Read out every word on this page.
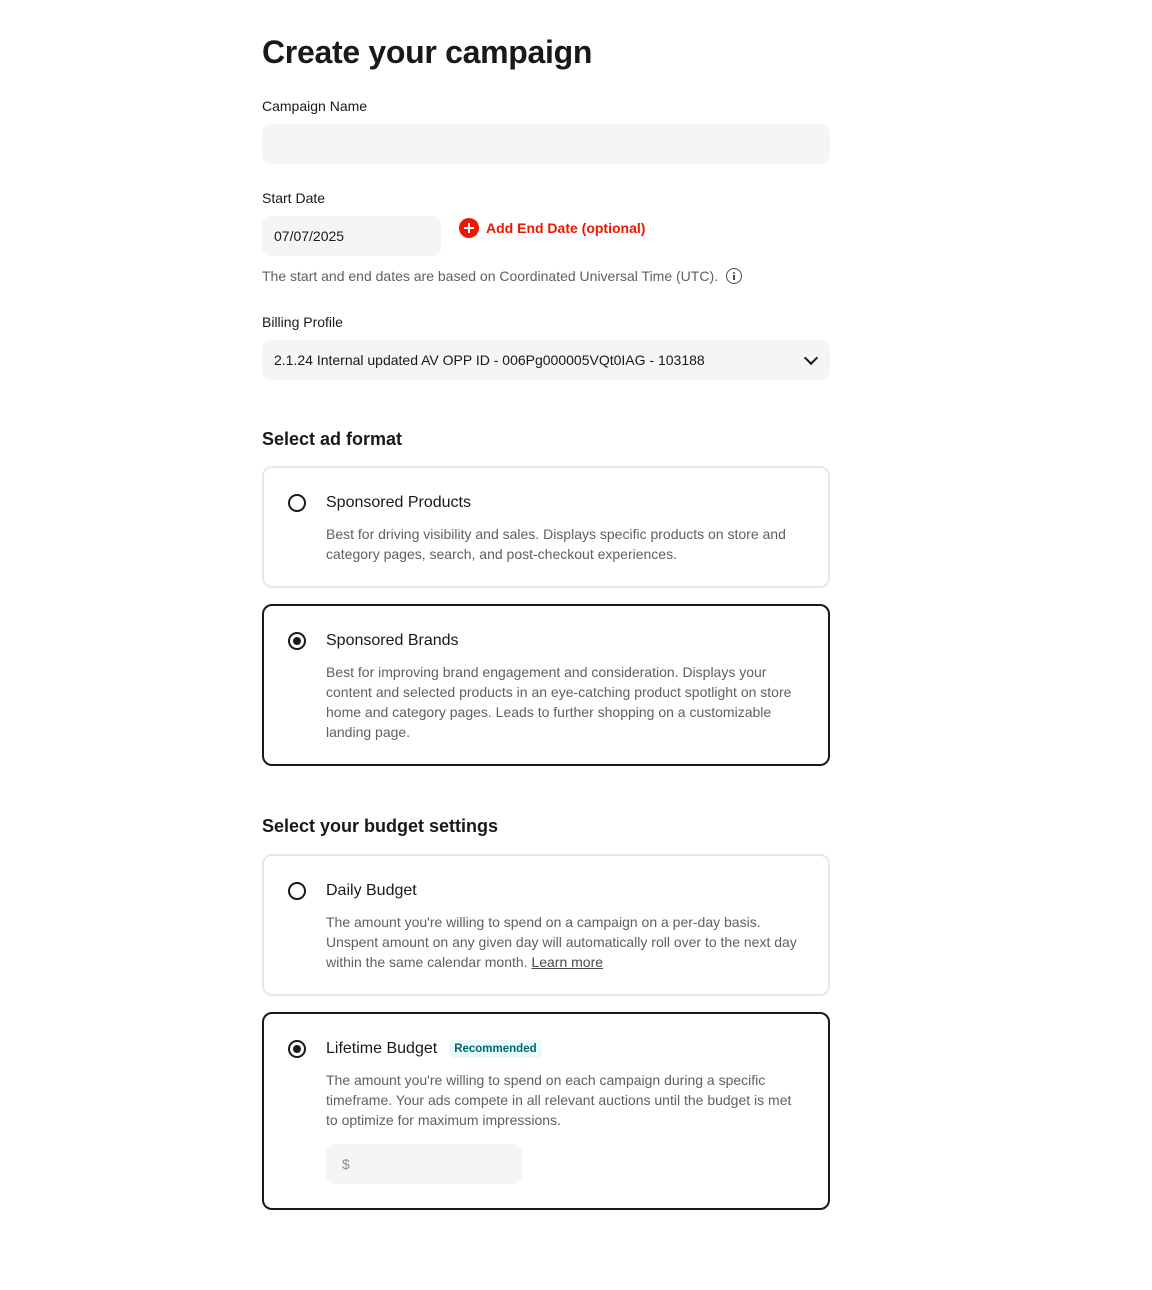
Create your campaign
Campaign Name
Start Date
07/07/2025	Add End Date (optional)
The start and end dates are based on Coordinated Universal Time (UTC).
Billing Profile
2.1.24 Internal updated AV OPP ID - 006Pg000005VQt0IAG - 103188
Select ad format
Sponsored Products
Best for driving visibility and sales. Displays specific products on store and category pages, search, and post-checkout experiences.
Sponsored Brands
Best for improving brand engagement and consideration. Displays your content and selected products in an eye-catching product spotlight on store home and category pages. Leads to further shopping on a customizable landing page.
Select your budget settings
Daily Budget
The amount you're willing to spend on a campaign on a per-day basis. Unspent amount on any given day will automatically roll over to the next day within the same calendar month. Learn more
Lifetime Budget	Recommended
The amount you're willing to spend on each campaign during a specific timeframe. Your ads compete in all relevant auctions until the budget is met to optimize for maximum impressions.
$
